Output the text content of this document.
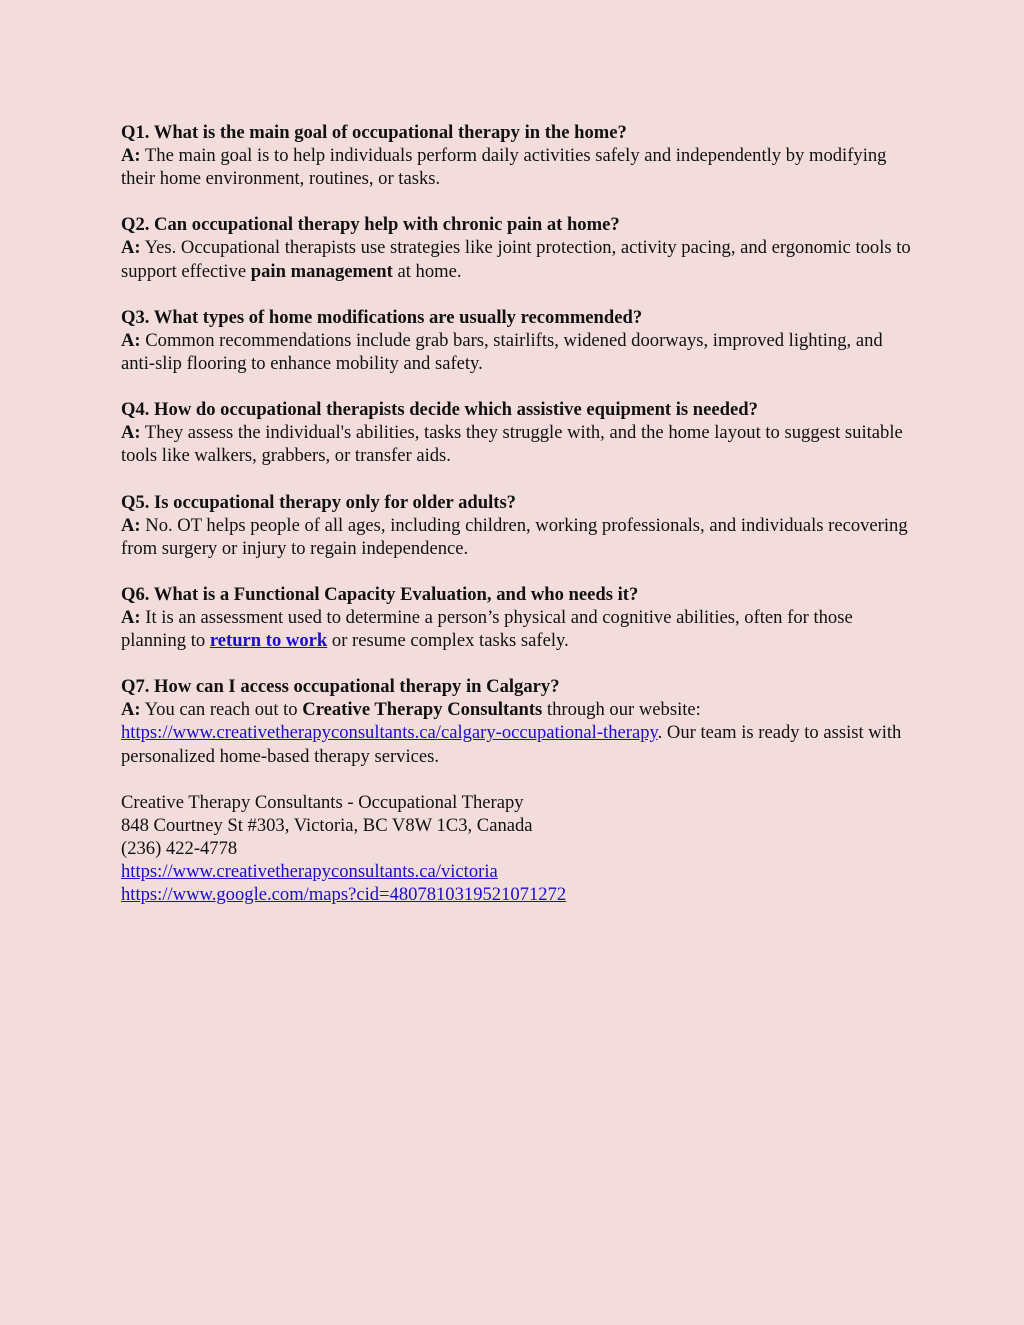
Q1. What is the main goal of occupational therapy in the home?

A: The main goal is to help individuals perform daily activities safely and independently by modifying their home environment, routines, or tasks.

Q2. Can occupational therapy help with chronic pain at home?

A: Yes. Occupational therapists use strategies like joint protection, activity pacing, and ergonomic tools to support effective pain management at home.

Q3. What types of home modifications are usually recommended?

A: Common recommendations include grab bars, stairlifts, widened doorways, improved lighting, and anti-slip flooring to enhance mobility and safety.

Q4. How do occupational therapists decide which assistive equipment is needed?

A: They assess the individual's abilities, tasks they struggle with, and the home layout to suggest suitable tools like walkers, grabbers, or transfer aids.

Q5. Is occupational therapy only for older adults?

A: No. OT helps people of all ages, including children, working professionals, and individuals recovering from surgery or injury to regain independence.

Q6. What is a Functional Capacity Evaluation, and who needs it?

A: It is an assessment used to determine a person’s physical and cognitive abilities, often for those planning to return to work or resume complex tasks safely.

Q7. How can I access occupational therapy in Calgary?

A: You can reach out to Creative Therapy Consultants through our website: https://www.creativetherapyconsultants.ca/calgary-occupational-therapy. Our team is ready to assist with personalized home-based therapy services.

Creative Therapy Consultants - Occupational Therapy

848 Courtney St #303, Victoria, BC V8W 1C3, Canada

(236) 422-4778

https://www.creativetherapyconsultants.ca/victoria

https://www.google.com/maps?cid=4807810319521071272
